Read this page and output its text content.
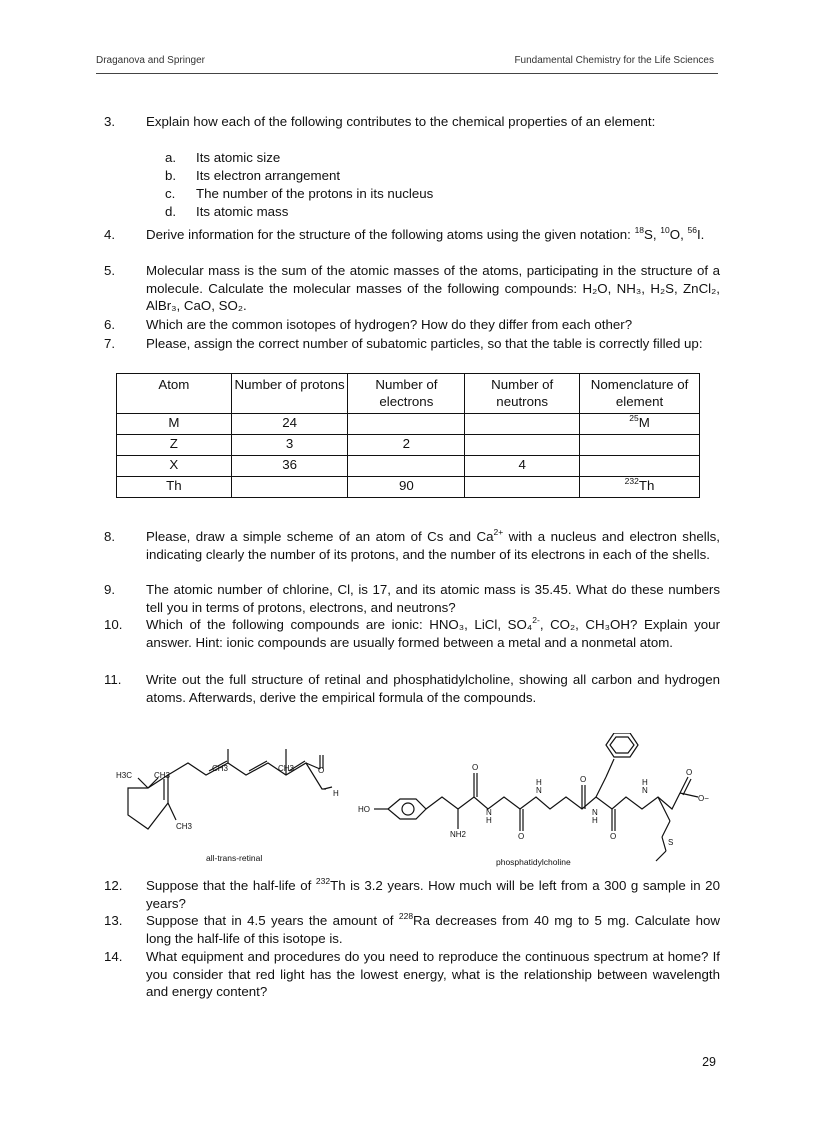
Draganova and Springer	Fundamental Chemistry for the Life Sciences
3.	Explain how each of the following contributes to the chemical properties of an element:
a. Its atomic size
b. Its electron arrangement
c. The number of the protons in its nucleus
d. Its atomic mass
4.	Derive information for the structure of the following atoms using the given notation: $^{18}$S, $^{10}$O, $^{56}$I.
5.	Molecular mass is the sum of the atomic masses of the atoms, participating in the structure of a molecule. Calculate the molecular masses of the following compounds: H₂O, NH₃, H₂S, ZnCl₂, AlBr₃, CaO, SO₂.
6.	Which are the common isotopes of hydrogen? How do they differ from each other?
7.	Please, assign the correct number of subatomic particles, so that the table is correctly filled up:
Atom	Number of protons	Number of electrons	Number of neutrons	Nomenclature of element
M	24			$^{25}$M
Z	3	2		
X	36		4	
Th		90		$^{232}$Th
8.	Please, draw a simple scheme of an atom of Cs and $Ca^{2+}$ with a nucleus and electron shells, indicating clearly the number of its protons, and the number of its electrons in each of the shells.
9.	The atomic number of chlorine, Cl, is 17, and its atomic mass is 35.45. What do these numbers tell you in terms of protons, electrons, and neutrons?
10.	Which of the following compounds are ionic: HNO₃, LiCl, SO₄$^{2-}$, CO₂, CH₃OH? Explain your answer. Hint: ionic compounds are usually formed between a metal and a nonmetal atom.
11.	Write out the full structure of retinal and phosphatidylcholine, showing all carbon and hydrogen atoms. Afterwards, derive the empirical formula of the compounds.
H3C	CH3
CH3	CH3	O
H
CH3
all-trans-retinal
HO
O
O
O
O
O
O−
NH2
H
N
N
H
N
H
H
N
S
phosphatidylcholine
12.	Suppose that the half-life of $^{232}$Th is 3.2 years. How much will be left from a 300 g sample in 20 years?
13.	Suppose that in 4.5 years the amount of $^{228}$Ra decreases from 40 mg to 5 mg. Calculate how long the half-life of this isotope is.
14.	What equipment and procedures do you need to reproduce the continuous spectrum at home? If you consider that red light has the lowest energy, what is the relationship between wavelength and energy content?
29
